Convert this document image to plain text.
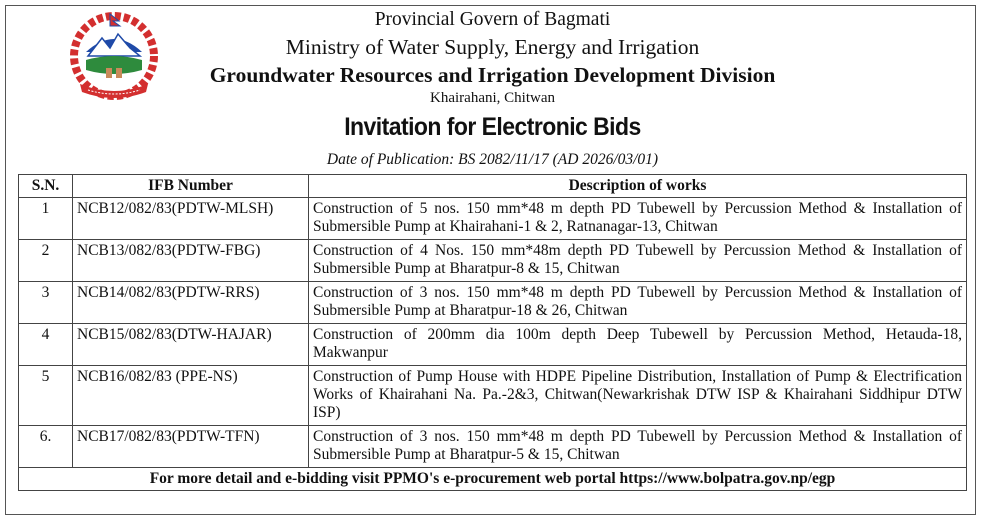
Provincial Govern of Bagmati
Ministry of Water Supply, Energy and Irrigation
Groundwater Resources and Irrigation Development Division
Khairahani, Chitwan
Invitation for Electronic Bids
Date of Publication: BS 2082/11/17 (AD 2026/03/01)
S.N.	IFB Number	Description of works
1	NCB12/082/83(PDTW-MLSH)	Construction of 5 nos. 150 mm*48 m depth PD Tubewell by Percussion Method & Installation of Submersible Pump at Khairahani-1 & 2, Ratnanagar-13, Chitwan
2	NCB13/082/83(PDTW-FBG)	Construction of 4 Nos. 150 mm*48m depth PD Tubewell by Percussion Method & Installation of Submersible Pump at Bharatpur-8 & 15, Chitwan
3	NCB14/082/83(PDTW-RRS)	Construction of 3 nos. 150 mm*48 m depth PD Tubewell by Percussion Method & Installation of Submersible Pump at Bharatpur-18 & 26, Chitwan
4	NCB15/082/83(DTW-HAJAR)	Construction of 200mm dia 100m depth Deep Tubewell by Percussion Method, Hetauda-18, Makwanpur
5	NCB16/082/83 (PPE-NS)	Construction of Pump House with HDPE Pipeline Distribution, Installation of Pump & Electrification Works of Khairahani Na. Pa.-2&3, Chitwan(Newarkrishak DTW ISP & Khairahani Siddhipur DTW ISP)
6.	NCB17/082/83(PDTW-TFN)	Construction of 3 nos. 150 mm*48 m depth PD Tubewell by Percussion Method & Installation of Submersible Pump at Bharatpur-5 & 15, Chitwan
For more detail and e-bidding visit PPMO's e-procurement web portal https://www.bolpatra.gov.np/egp		
